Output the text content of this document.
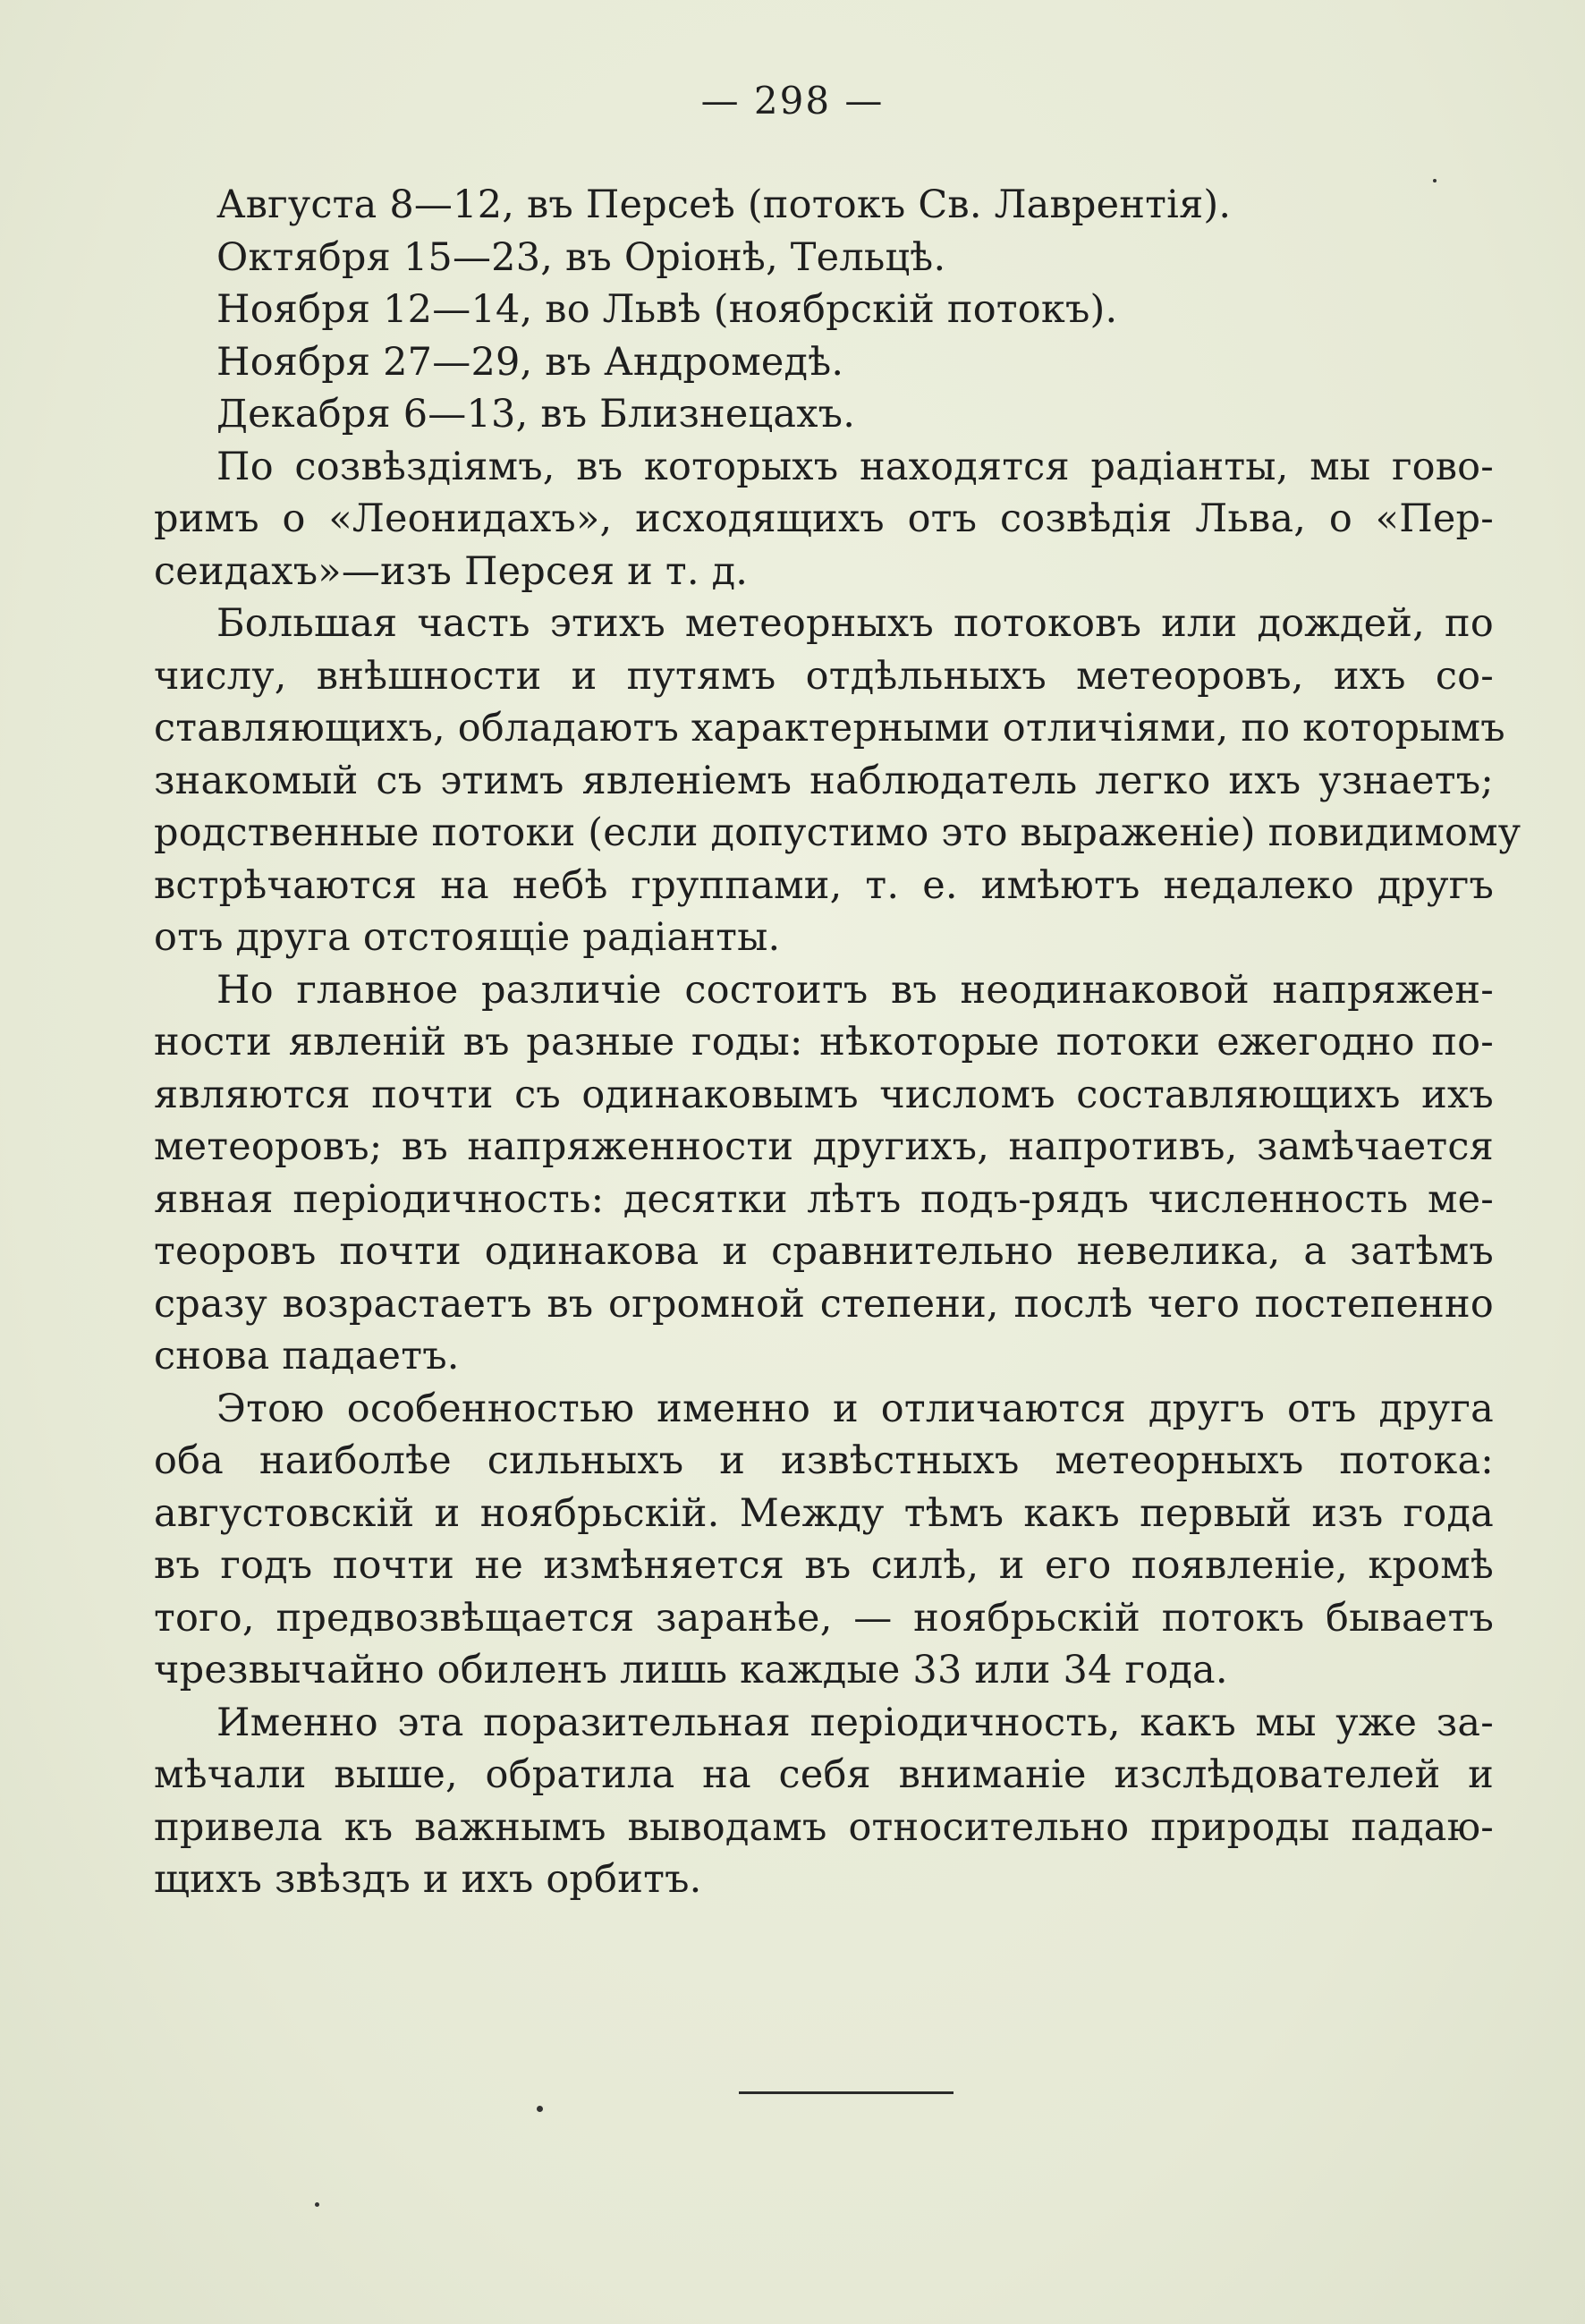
— 298 —
Августа 8—12, въ Персеѣ (потокъ Св. Лаврентія).
Октября 15—23, въ Оріонѣ, Тельцѣ.
Ноября 12—14, во Львѣ (ноябрскій потокъ).
Ноября 27—29, въ Андромедѣ.
Декабря 6—13, въ Близнецахъ.
По созвѣздіямъ, въ которыхъ находятся радіанты, мы гово-
римъ о «Леонидахъ», исходящихъ отъ созвѣдія Льва, о «Пер-
сеидахъ»—изъ Персея и т. д.
Большая часть этихъ метеорныхъ потоковъ или дождей, по
числу, внѣшности и путямъ отдѣльныхъ метеоровъ, ихъ со-
ставляющихъ, обладаютъ характерными отличіями, по которымъ
знакомый съ этимъ явленіемъ наблюдатель легко ихъ узнаетъ;
родственные потоки (если допустимо это выраженіе) повидимому
встрѣчаются на небѣ группами, т. е. имѣютъ недалеко другъ
отъ друга отстоящіе радіанты.
Но главное различіе состоитъ въ неодинаковой напряжен-
ности явленій въ разные годы: нѣкоторые потоки ежегодно по-
являются почти съ одинаковымъ числомъ составляющихъ ихъ
метеоровъ; въ напряженности другихъ, напротивъ, замѣчается
явная періодичность: десятки лѣтъ подъ-рядъ численность ме-
теоровъ почти одинакова и сравнительно невелика, а затѣмъ
сразу возрастаетъ въ огромной степени, послѣ чего постепенно
снова падаетъ.
Этою особенностью именно и отличаются другъ отъ друга
оба наиболѣе сильныхъ и извѣстныхъ метеорныхъ потока:
августовскій и ноябрьскій. Между тѣмъ какъ первый изъ года
въ годъ почти не измѣняется въ силѣ, и его появленіе, кромѣ
того, предвозвѣщается заранѣе, — ноябрьскій потокъ бываетъ
чрезвычайно обиленъ лишь каждые 33 или 34 года.
Именно эта поразительная періодичность, какъ мы уже за-
мѣчали выше, обратила на себя вниманіе изслѣдователей и
привела къ важнымъ выводамъ относительно природы падаю-
щихъ звѣздъ и ихъ орбитъ.
